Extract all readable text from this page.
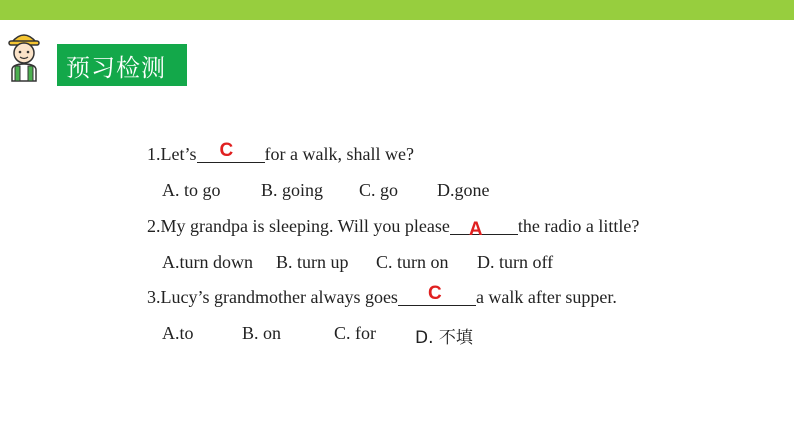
预习检测
1.Let’s C for a walk, shall we?
A. to go B. going C. go D.gone
2.My grandpa is sleeping. Will you please A the radio a little?
A.turn down B. turn up C. turn on D. turn off
3.Lucy’s grandmother always goes C a walk after supper.
A.to	B. on	C. for D. 不填
